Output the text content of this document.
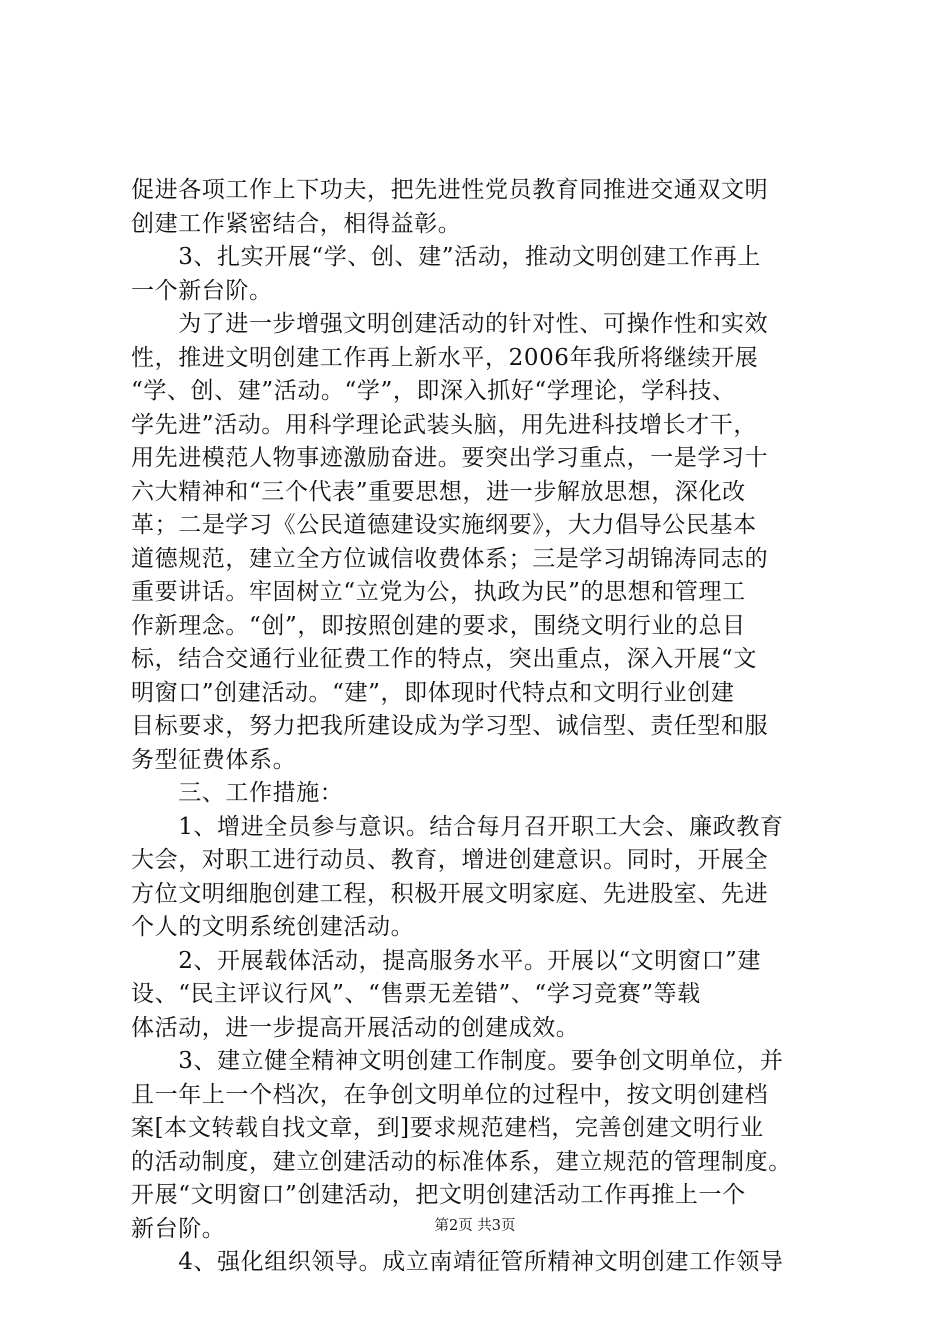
促进各项工作上下功夫，把先进性党员教育同推进交通双文明
创建工作紧密结合，相得益彰。
　　3、扎实开展“学、创、建”活动，推动文明创建工作再上
一个新台阶。
　　为了进一步增强文明创建活动的针对性、可操作性和实效
性，推进文明创建工作再上新水平，2006年我所将继续开展
“学、创、建”活动。“学”，即深入抓好“学理论，学科技、
学先进”活动。用科学理论武装头脑，用先进科技增长才干，
用先进模范人物事迹激励奋进。要突出学习重点，一是学习十
六大精神和“三个代表”重要思想，进一步解放思想，深化改
革；二是学习《公民道德建设实施纲要》，大力倡导公民基本
道德规范，建立全方位诚信收费体系；三是学习胡锦涛同志的
重要讲话。牢固树立“立党为公，执政为民”的思想和管理工
作新理念。“创”，即按照创建的要求，围绕文明行业的总目
标，结合交通行业征费工作的特点，突出重点，深入开展“文
明窗口”创建活动。“建”，即体现时代特点和文明行业创建
目标要求，努力把我所建设成为学习型、诚信型、责任型和服
务型征费体系。
　　三、工作措施：
　　1、增进全员参与意识。结合每月召开职工大会、廉政教育
大会，对职工进行动员、教育，增进创建意识。同时，开展全
方位文明细胞创建工程，积极开展文明家庭、先进股室、先进
个人的文明系统创建活动。
　　2、开展载体活动，提高服务水平。开展以“文明窗口”建
设、“民主评议行风”、“售票无差错”、“学习竞赛”等载
体活动，进一步提高开展活动的创建成效。
　　3、建立健全精神文明创建工作制度。要争创文明单位，并
且一年上一个档次，在争创文明单位的过程中，按文明创建档
案[本文转载自找文章，到]要求规范建档，完善创建文明行业
的活动制度，建立创建活动的标准体系，建立规范的管理制度。
开展“文明窗口”创建活动，把文明创建活动工作再推上一个
新台阶。
　　4、强化组织领导。成立南靖征管所精神文明创建工作领导
第2页 共3页
